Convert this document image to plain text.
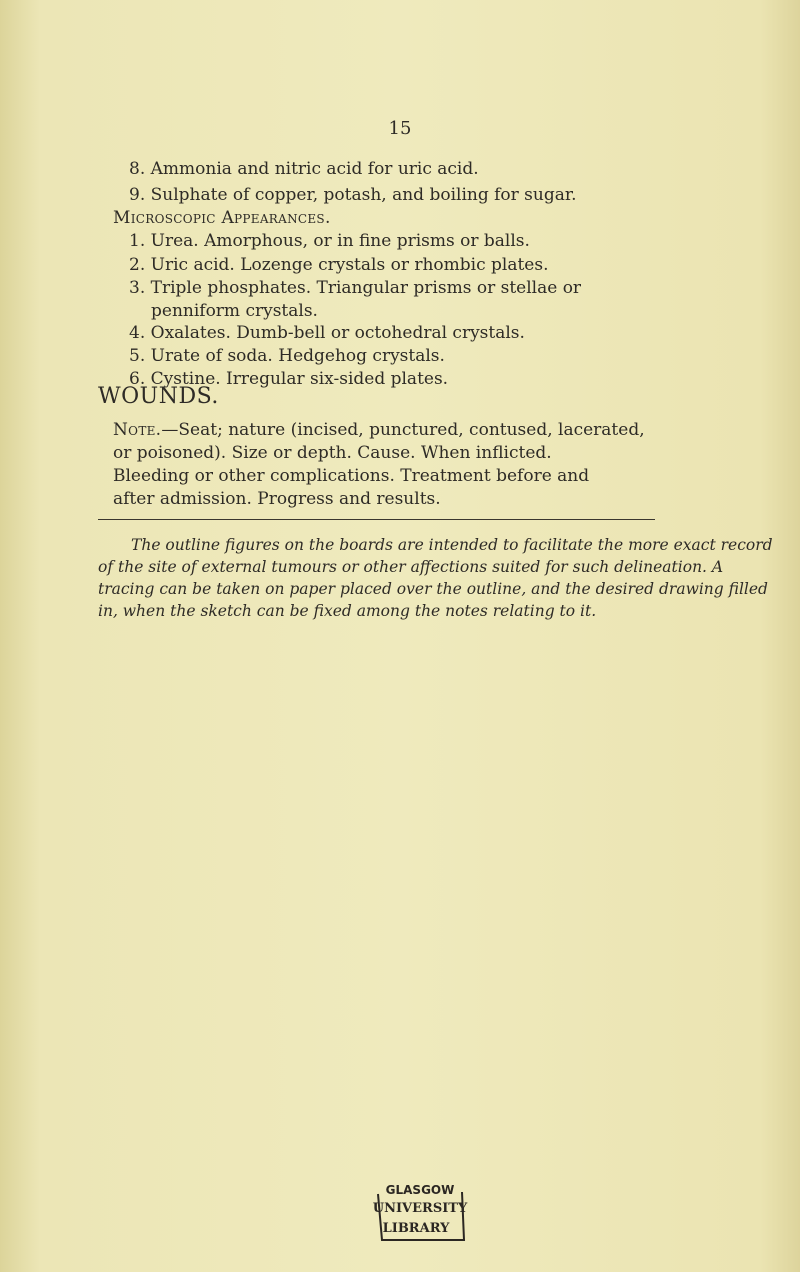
15
8. Ammonia and nitric acid for uric acid.
9. Sulphate of copper, potash, and boiling for sugar.
Microscopic Appearances.
1. Urea. Amorphous, or in fine prisms or balls.
2. Uric acid. Lozenge crystals or rhombic plates.
3. Triple phosphates. Triangular prisms or stellae or
penniform crystals.
4. Oxalates. Dumb-bell or octohedral crystals.
5. Urate of soda. Hedgehog crystals.
6. Cystine. Irregular six-sided plates.
WOUNDS.
Note.—Seat; nature (incised, punctured, contused, lacerated,
or poisoned). Size or depth. Cause. When inflicted.
Bleeding or other complications. Treatment before and
after admission. Progress and results.
The outline figures on the boards are intended to facilitate the more exact record
of the site of external tumours or other affections suited for such delineation. A
tracing can be taken on paper placed over the outline, and the desired drawing filled
in, when the sketch can be fixed among the notes relating to it.
GLASGOW
UNIVERSITY
LIBRARY
